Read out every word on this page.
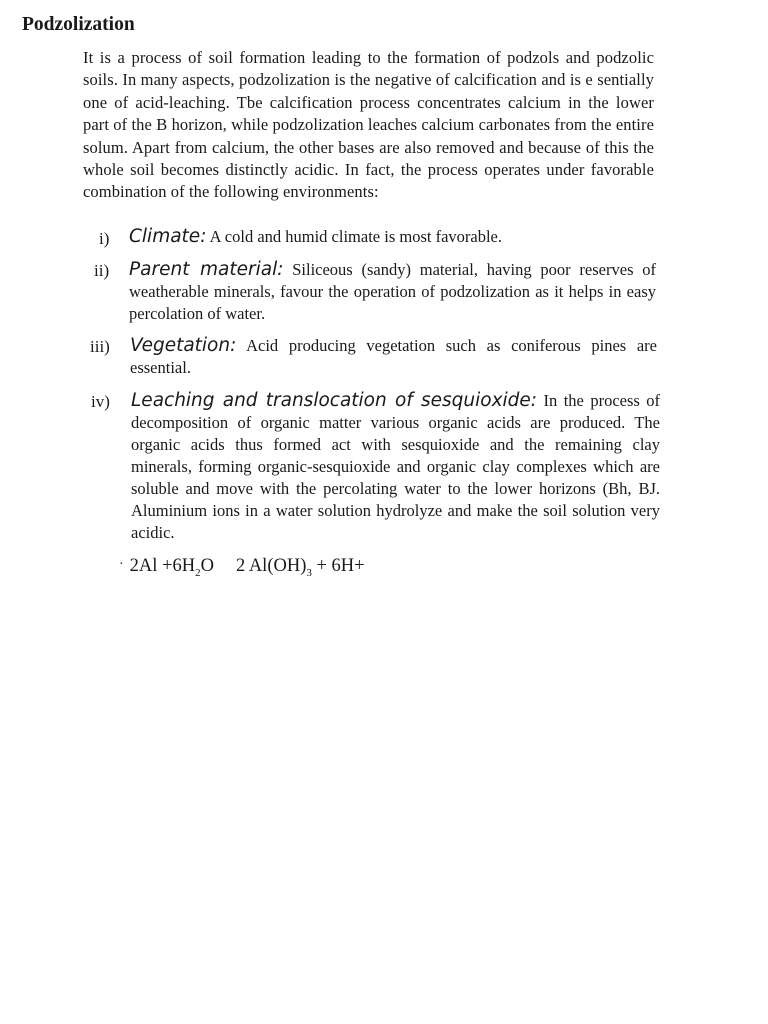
Podzolization
It is a process of soil formation leading to the formation of podzols and podzolic soils. In many aspects, podzolization is the negative of calcification and is e sentially one of acid-leaching. Tbe calcification process concentrates calcium in the lower part of the B horizon, while podzolization leaches calcium carbonates from the entire solum. Apart from calcium, the other bases are also removed and because of this the whole soil becomes distinctly acidic. In fact, the process operates under favorable combination of the following environments:
i) Climate: A cold and humid climate is most favorable.
ii) Parent material: Siliceous (sandy) material, having poor reserves of weatherable minerals, favour the operation of podzolization as it helps in easy percolation of water.
iii) Vegetation: Acid producing vegetation such as coniferous pines are essential.
iv) Leaching and translocation of sesquioxide: In the process of decomposition of organic matter various organic acids are produced. The organic acids thus formed act with sesquioxide and the remaining clay minerals, forming organic-sesquioxide and organic clay complexes which are soluble and move with the percolating water to the lower horizons (Bh, BJ. Aluminium ions in a water solution hydrolyze and make the soil solution very acidic.
· $2Al +6H_2O$ 2 $Al(OH)_3 + 6H+$
